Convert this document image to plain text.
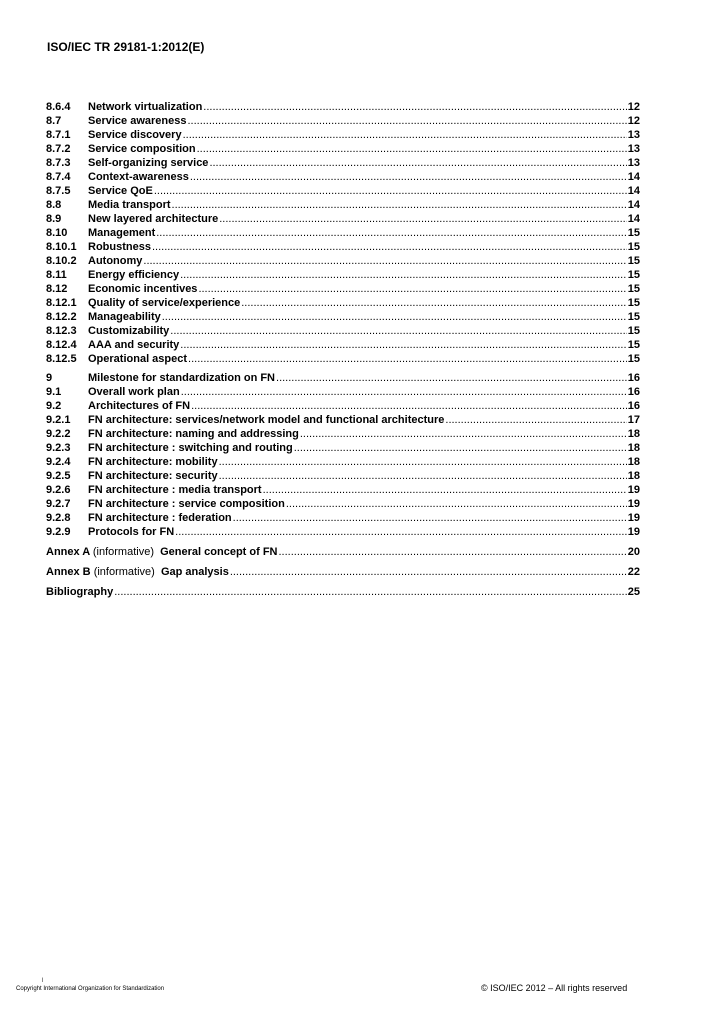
ISO/IEC TR 29181-1:2012(E)
8.6.4	Network virtualization .....	12
8.7	Service awareness .....	12
8.7.1	Service discovery .....	13
8.7.2	Service composition .....	13
8.7.3	Self-organizing service .....	13
8.7.4	Context-awareness .....	14
8.7.5	Service QoE .....	14
8.8	Media transport .....	14
8.9	New layered architecture .....	14
8.10	Management .....	15
8.10.1	Robustness .....	15
8.10.2	Autonomy .....	15
8.11	Energy efficiency .....	15
8.12	Economic incentives .....	15
8.12.1	Quality of service/experience .....	15
8.12.2	Manageability .....	15
8.12.3	Customizability .....	15
8.12.4	AAA and security .....	15
8.12.5	Operational aspect .....	15
9	Milestone for standardization on FN .....	16
9.1	Overall work plan .....	16
9.2	Architectures of FN .....	16
9.2.1	FN architecture: services/network model and functional architecture .....	17
9.2.2	FN architecture: naming and addressing .....	18
9.2.3	FN architecture : switching and routing .....	18
9.2.4	FN architecture: mobility .....	18
9.2.5	FN architecture: security .....	18
9.2.6	FN architecture : media transport .....	19
9.2.7	FN architecture : service composition .....	19
9.2.8	FN architecture : federation .....	19
9.2.9	Protocols for FN .....	19
Annex A (informative) General concept of FN .....	20
Annex B (informative) Gap analysis .....	22
Bibliography .....	25
İ
Copyright International Organization for Standardization	© ISO/IEC 2012 – All rights reserved
